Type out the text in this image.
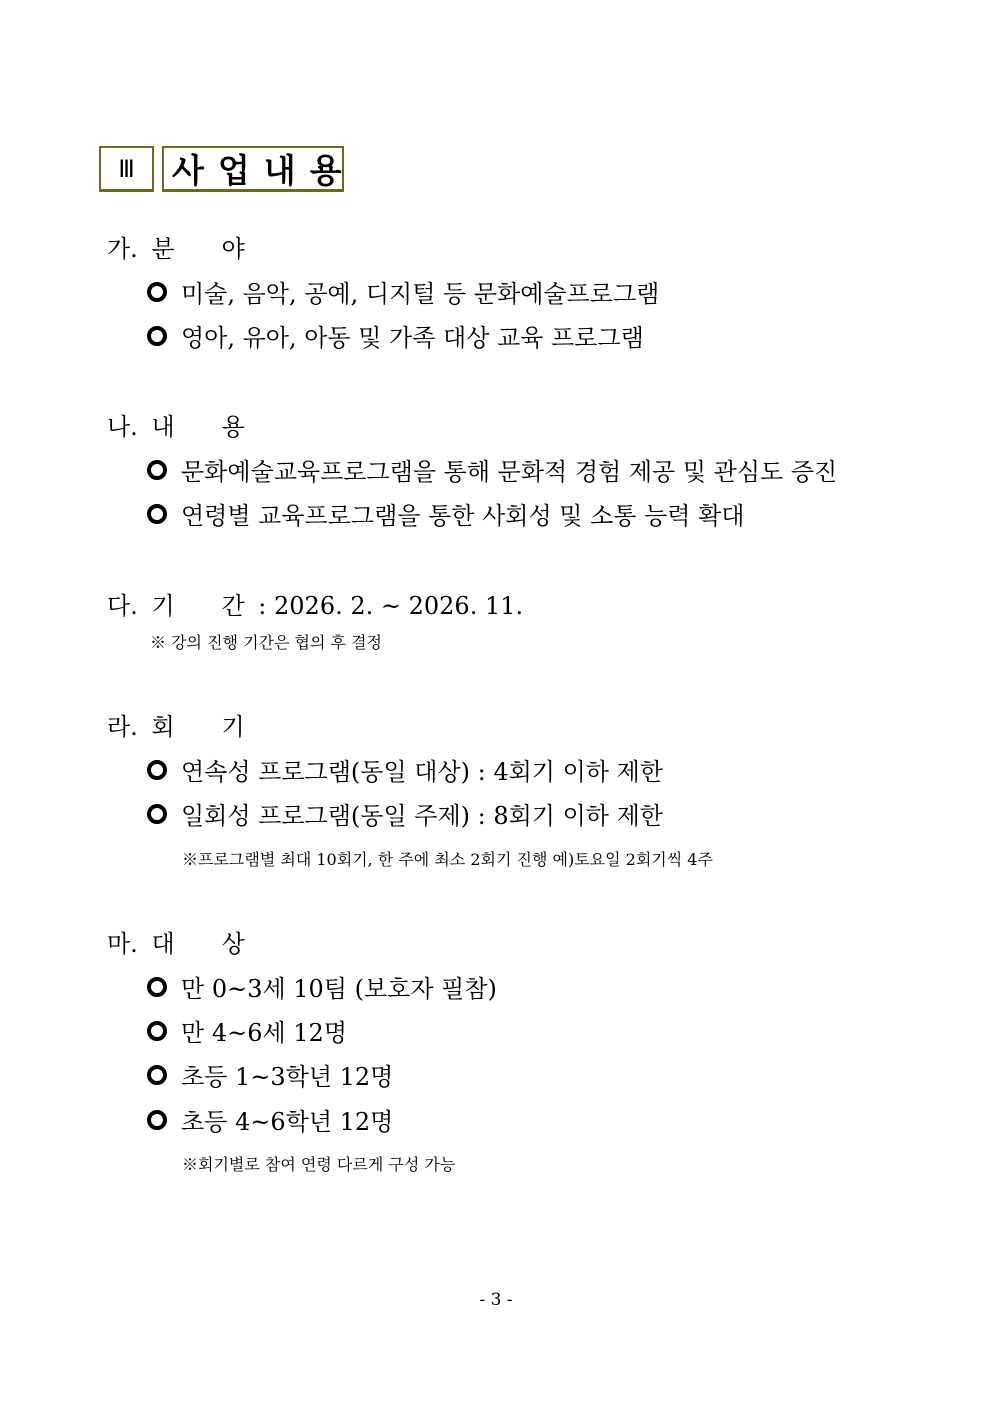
Ⅲ	사업내용
가. 분 야
미술, 음악, 공예, 디지털 등 문화예술프로그램
영아, 유아, 아동 및 가족 대상 교육 프로그램
나. 내 용
문화예술교육프로그램을 통해 문화적 경험 제공 및 관심도 증진
연령별 교육프로그램을 통한 사회성 및 소통 능력 확대
다. 기 간 : 2026. 2. ~ 2026. 11.
※ 강의 진행 기간은 협의 후 결정
라. 회 기
연속성 프로그램(동일 대상) : 4회기 이하 제한
일회성 프로그램(동일 주제) : 8회기 이하 제한
※프로그램별 최대 10회기, 한 주에 최소 2회기 진행 예)토요일 2회기씩 4주
마. 대 상
만 0~3세 10팀 (보호자 필참)
만 4~6세 12명
초등 1~3학년 12명
초등 4~6학년 12명
※회기별로 참여 연령 다르게 구성 가능
- 3 -
